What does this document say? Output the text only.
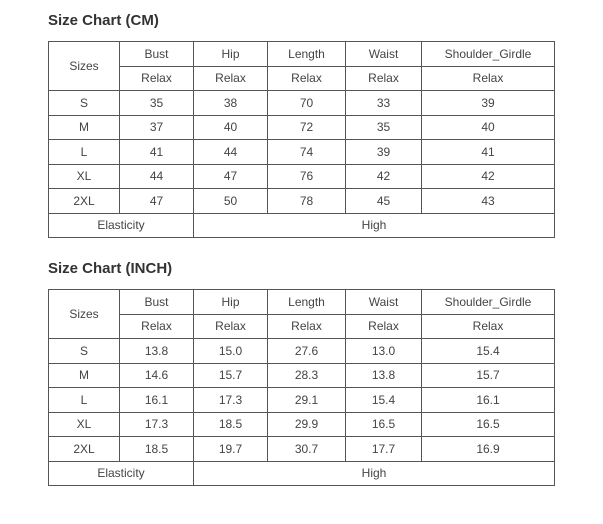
Size Chart (CM)
Sizes	Bust	Hip	Length	Waist	Shoulder_Girdle
	Relax	Relax	Relax	Relax	Relax
S	35	38	70	33	39
M	37	40	72	35	40
L	41	44	74	39	41
XL	44	47	76	42	42
2XL	47	50	78	45	43
Elasticity		High			
Size Chart (INCH)
Sizes	Bust	Hip	Length	Waist	Shoulder_Girdle
	Relax	Relax	Relax	Relax	Relax
S	13.8	15.0	27.6	13.0	15.4
M	14.6	15.7	28.3	13.8	15.7
L	16.1	17.3	29.1	15.4	16.1
XL	17.3	18.5	29.9	16.5	16.5
2XL	18.5	19.7	30.7	17.7	16.9
Elasticity		High			
